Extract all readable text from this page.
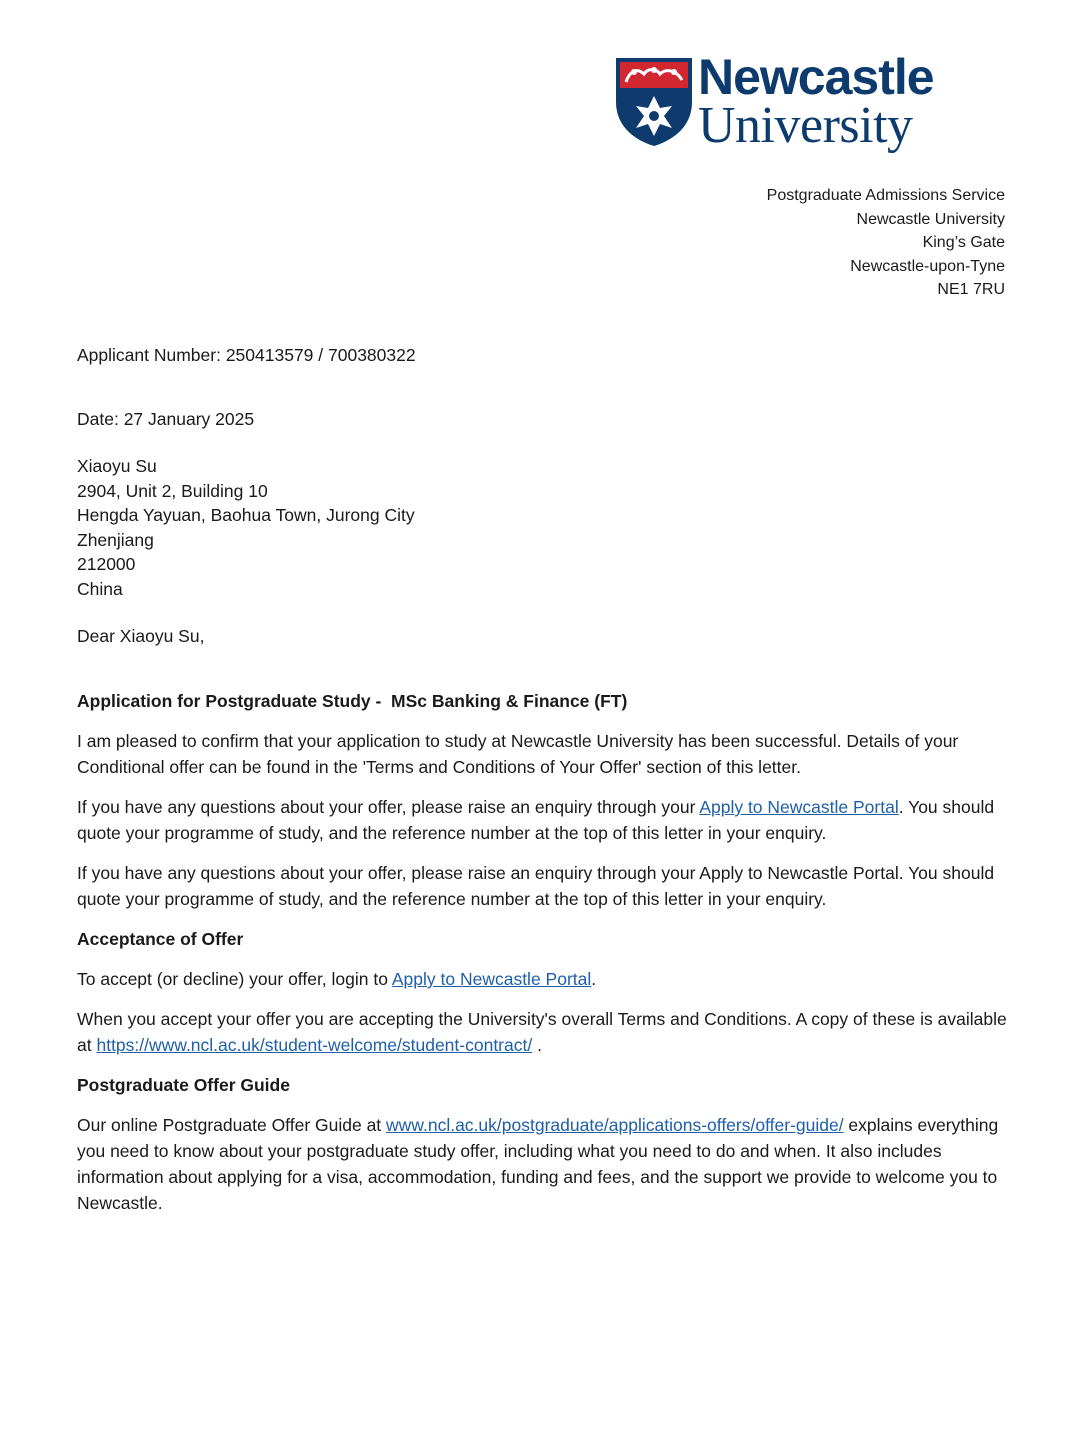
Newcastle
University
Postgraduate Admissions Service
Newcastle University
King’s Gate
Newcastle-upon-Tyne
NE1 7RU
Applicant Number: 250413579 / 700380322
Date: 27 January 2025
Xiaoyu Su
2904, Unit 2, Building 10
Hengda Yayuan, Baohua Town, Jurong City
Zhenjiang
212000
China
Dear Xiaoyu Su,
Application for Postgraduate Study -  MSc Banking & Finance (FT)

I am pleased to confirm that your application to study at Newcastle University has been successful. Details of your Conditional offer can be found in the 'Terms and Conditions of Your Offer' section of this letter.

If you have any questions about your offer, please raise an enquiry through your Apply to Newcastle Portal. You should quote your programme of study, and the reference number at the top of this letter in your enquiry.

If you have any questions about your offer, please raise an enquiry through your Apply to Newcastle Portal. You should quote your programme of study, and the reference number at the top of this letter in your enquiry.

Acceptance of Offer

To accept (or decline) your offer, login to Apply to Newcastle Portal.

When you accept your offer you are accepting the University's overall Terms and Conditions. A copy of these is available at https://www.ncl.ac.uk/student-welcome/student-contract/ .

Postgraduate Offer Guide

Our online Postgraduate Offer Guide at www.ncl.ac.uk/postgraduate/applications-offers/offer-guide/ explains everything you need to know about your postgraduate study offer, including what you need to do and when. It also includes information about applying for a visa, accommodation, funding and fees, and the support we provide to welcome you to Newcastle.
